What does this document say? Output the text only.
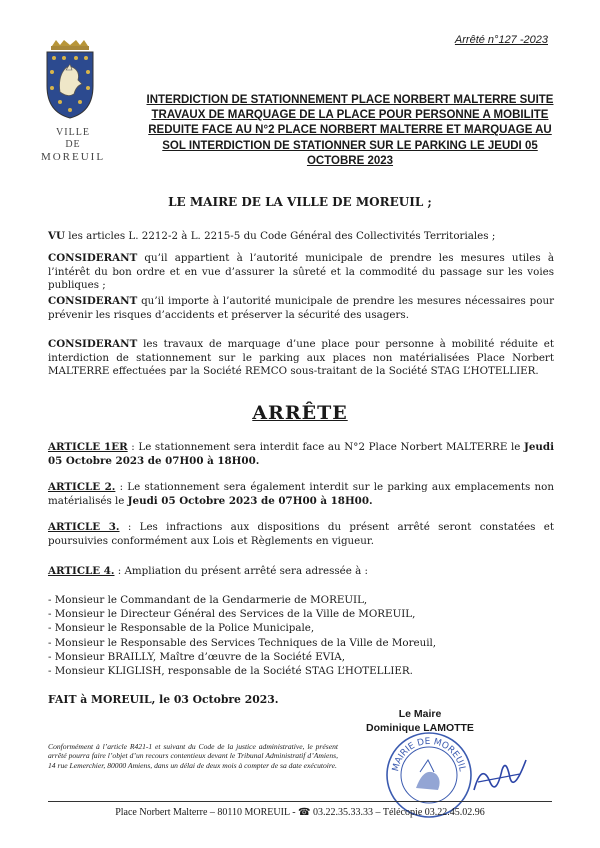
Arrêté n°127 -2023
VILLE
DE
MOREUIL
INTERDICTION DE STATIONNEMENT PLACE NORBERT MALTERRE SUITE TRAVAUX DE MARQUAGE DE LA PLACE POUR PERSONNE A MOBILITE REDUITE FACE AU N°2 PLACE NORBERT MALTERRE ET MARQUAGE AU SOL INTERDICTION DE STATIONNER SUR LE PARKING LE JEUDI 05 OCTOBRE 2023
LE MAIRE DE LA VILLE DE MOREUIL ;
VU les articles L. 2212-2 à L. 2215-5 du Code Général des Collectivités Territoriales ;
CONSIDERANT qu’il appartient à l’autorité municipale de prendre les mesures utiles à l’intérêt du bon ordre et en vue d’assurer la sûreté et la commodité du passage sur les voies publiques ;
CONSIDERANT qu’il importe à l’autorité municipale de prendre les mesures nécessaires pour prévenir les risques d’accidents et préserver la sécurité des usagers.
CONSIDERANT les travaux de marquage d’une place pour personne à mobilité réduite et interdiction de stationnement sur le parking aux places non matérialisées Place Norbert MALTERRE effectuées par la Société REMCO sous-traitant de la Société STAG L’HOTELLIER.
ARRÊTE
ARTICLE 1ER : Le stationnement sera interdit face au N°2 Place Norbert MALTERRE le Jeudi 05 Octobre 2023 de 07H00 à 18H00.
ARTICLE 2. : Le stationnement sera également interdit sur le parking aux emplacements non matérialisés le Jeudi 05 Octobre 2023 de 07H00 à 18H00.
ARTICLE 3. : Les infractions aux dispositions du présent arrêté seront constatées et poursuivies conformément aux Lois et Règlements en vigueur.
ARTICLE 4. : Ampliation du présent arrêté sera adressée à :
- Monsieur le Commandant de la Gendarmerie de MOREUIL,
- Monsieur le Directeur Général des Services de la Ville de MOREUIL,
- Monsieur le Responsable de la Police Municipale,
- Monsieur le Responsable des Services Techniques de la Ville de Moreuil,
- Monsieur BRAILLY, Maître d’œuvre de la Société EVIA,
- Monsieur KLIGLISH, responsable de la Société STAG L’HOTELLIER.
FAIT à MOREUIL, le 03 Octobre 2023.
Le Maire
Dominique LAMOTTE
MAIRIE DE MOREUIL
Conformément à l’article R421-1 et suivant du Code de la justice administrative, le présent arrêté pourra faire l’objet d’un recours contentieux devant le Tribunal Administratif d’Amiens, 14 rue Lemerchier, 80000 Amiens, dans un délai de deux mois à compter de sa date exécutoire.
Place Norbert Malterre – 80110 MOREUIL - ☎ 03.22.35.33.33 – Télécopie 03.22.45.02.96
